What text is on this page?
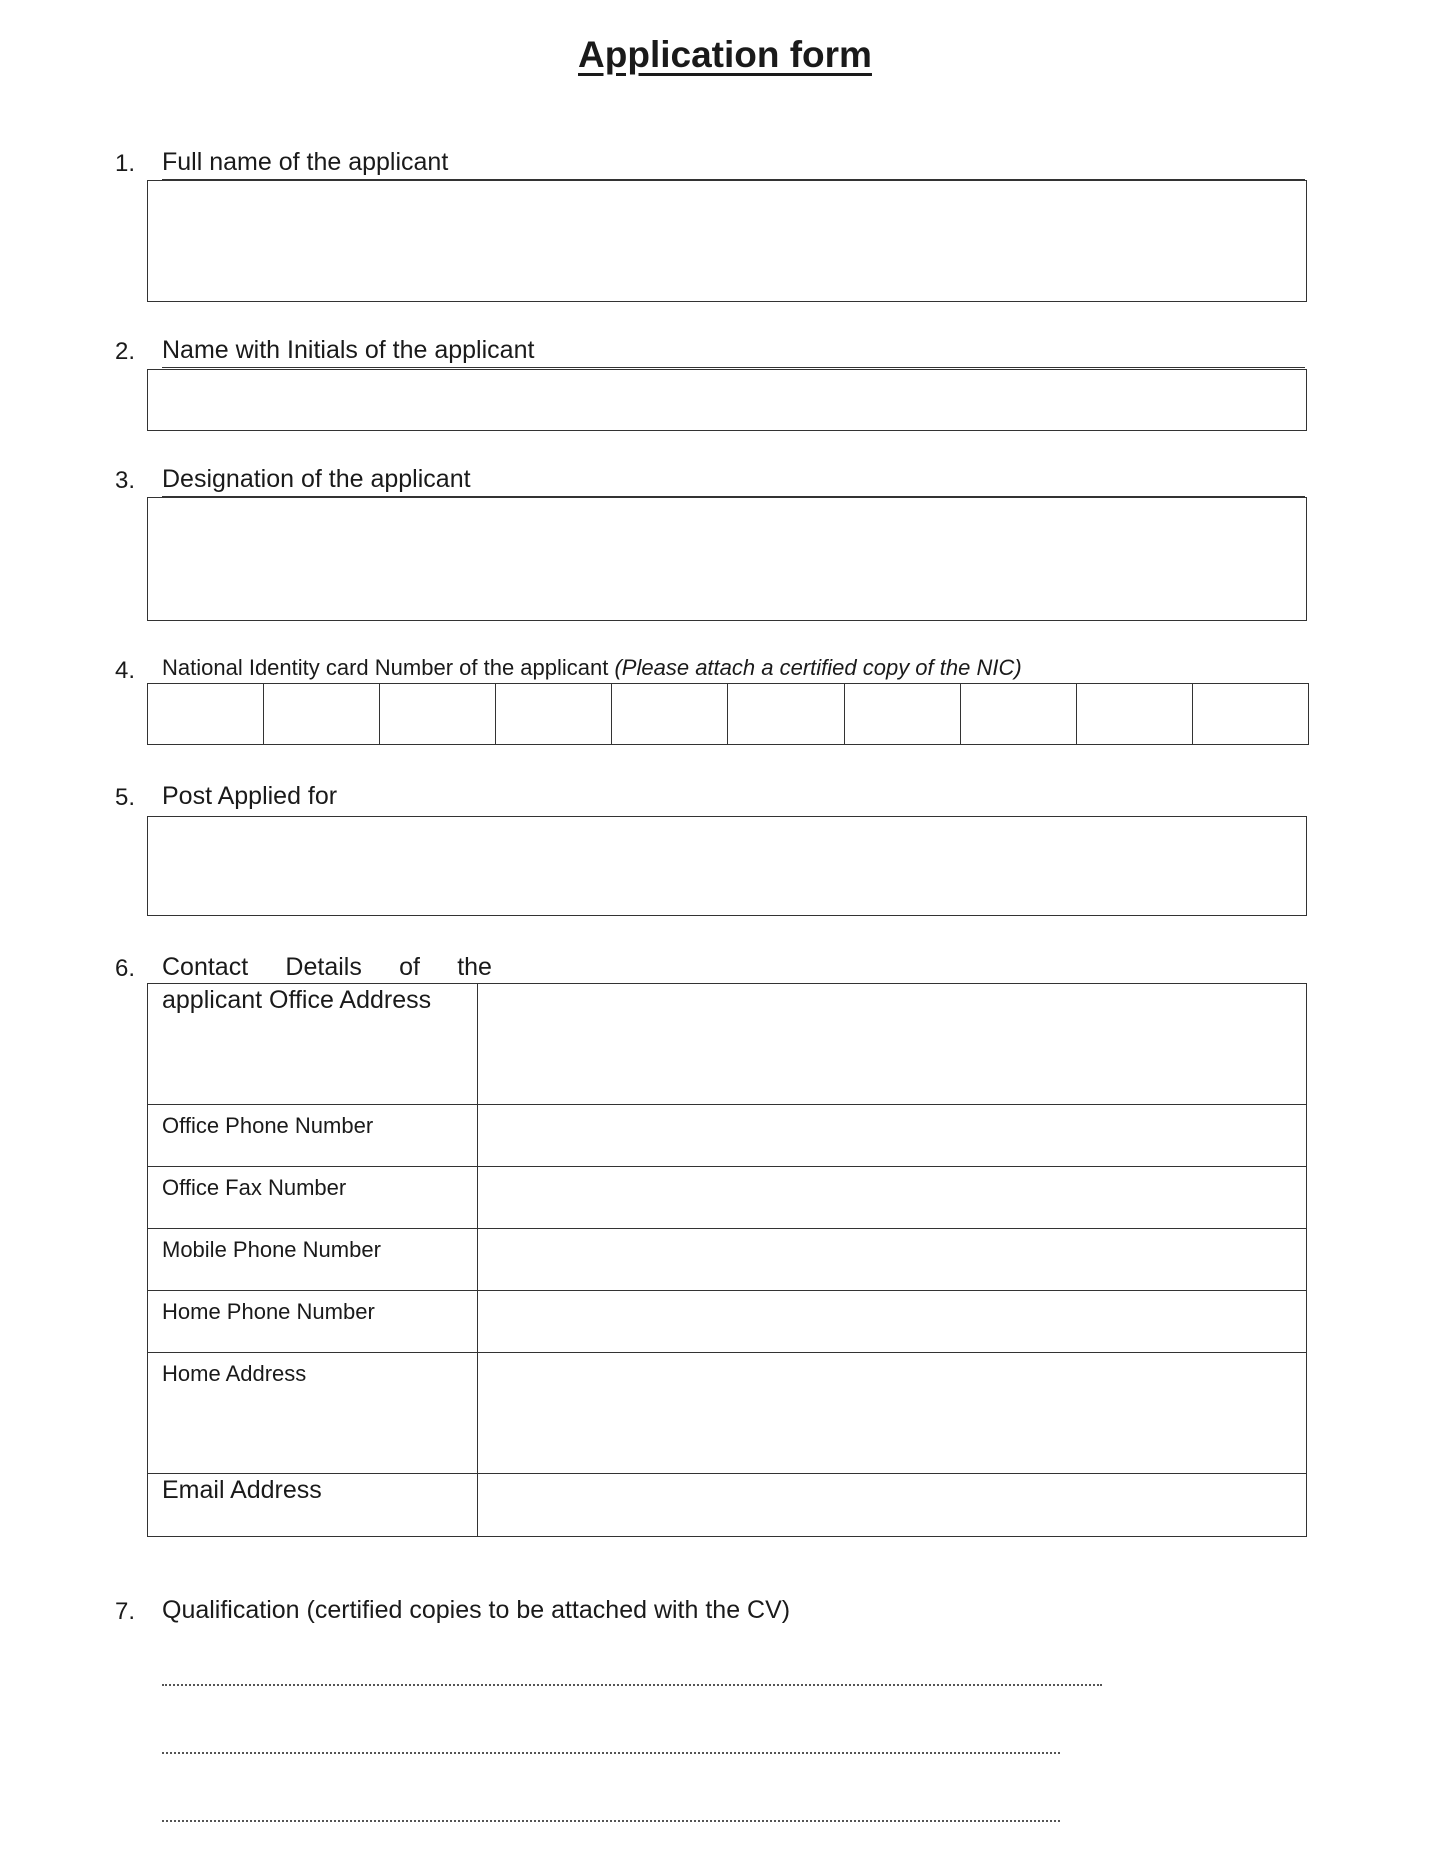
Application form
1. Full name of the applicant
2. Name with Initials of the applicant
3. Designation of the applicant
4. National Identity card Number of the applicant (Please attach a certified copy of the NIC)
5. Post Applied for
6. Contact Details of the
applicant Office Address
Office Phone Number
Office Fax Number
Mobile Phone Number
Home Phone Number
Home Address
Email Address
7. Qualification (certified copies to be attached with the CV)
